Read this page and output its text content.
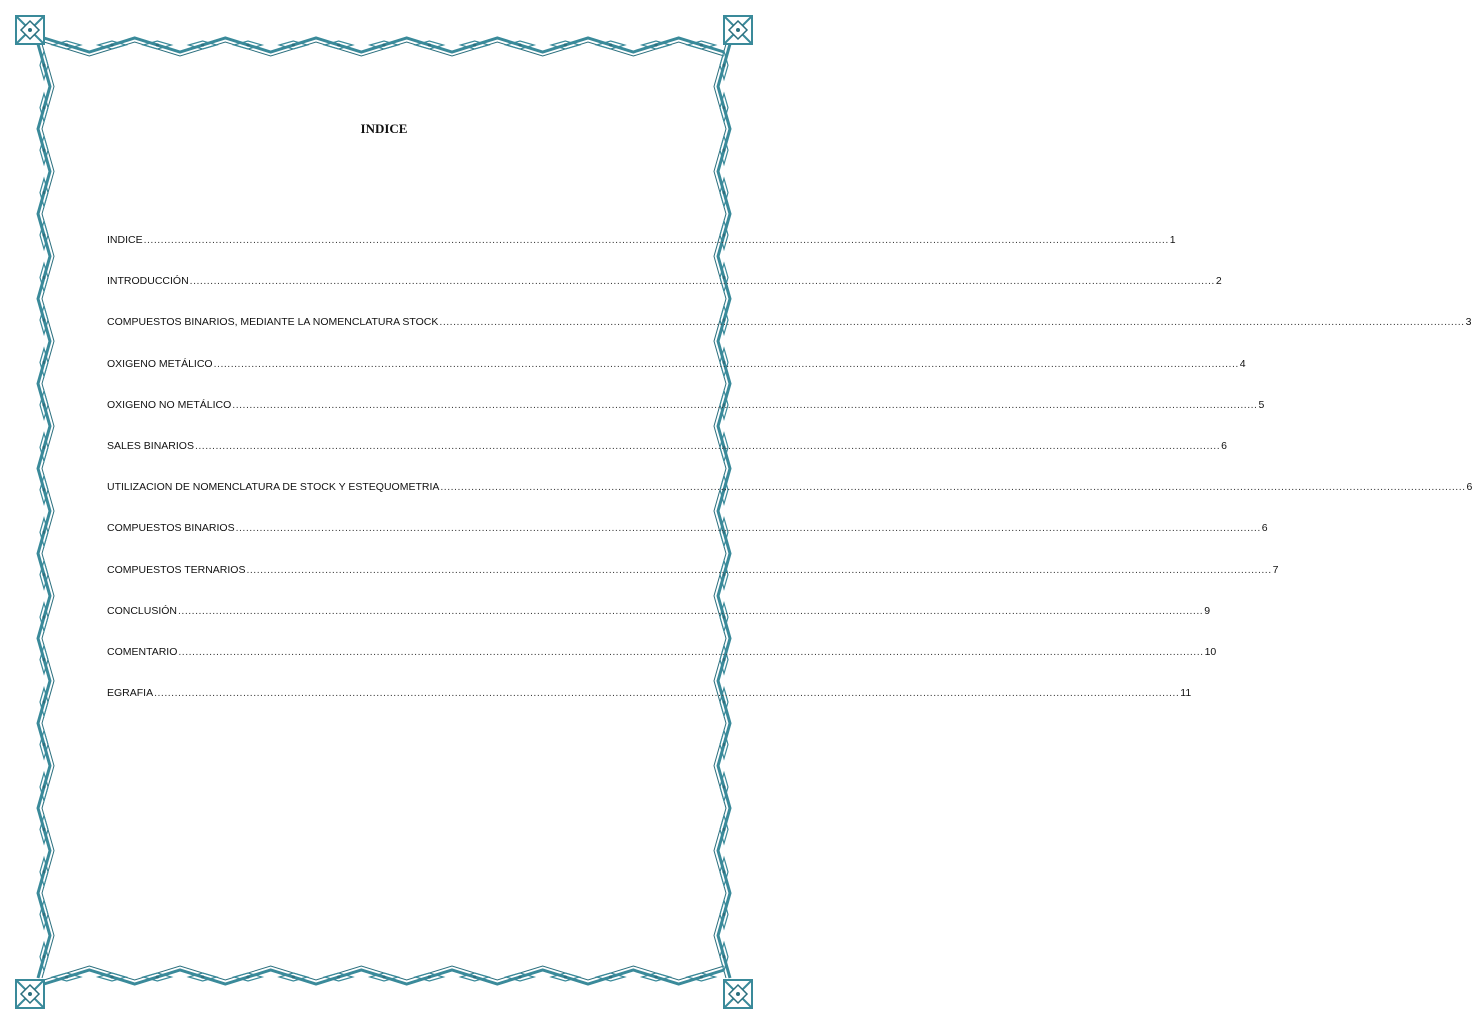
INDICE
INDICE ............................................................................................................................................................................................................................................................................................................ 1
INTRODUCCIÓN ............................................................................................................................................................................................................................................................................................................ 2
COMPUESTOS BINARIOS, MEDIANTE LA NOMENCLATURA STOCK ............................................................................................................................................................................................................................................................................................................ 3
OXIGENO METÁLICO ............................................................................................................................................................................................................................................................................................................ 4
OXIGENO NO METÁLICO ............................................................................................................................................................................................................................................................................................................ 5
SALES BINARIOS ............................................................................................................................................................................................................................................................................................................ 6
UTILIZACION DE NOMENCLATURA DE STOCK Y ESTEQUOMETRIA ............................................................................................................................................................................................................................................................................................................ 6
COMPUESTOS BINARIOS ............................................................................................................................................................................................................................................................................................................ 6
COMPUESTOS TERNARIOS ............................................................................................................................................................................................................................................................................................................ 7
CONCLUSIÓN ............................................................................................................................................................................................................................................................................................................ 9
COMENTARIO ............................................................................................................................................................................................................................................................................................................ 10
EGRAFIA ............................................................................................................................................................................................................................................................................................................ 11
